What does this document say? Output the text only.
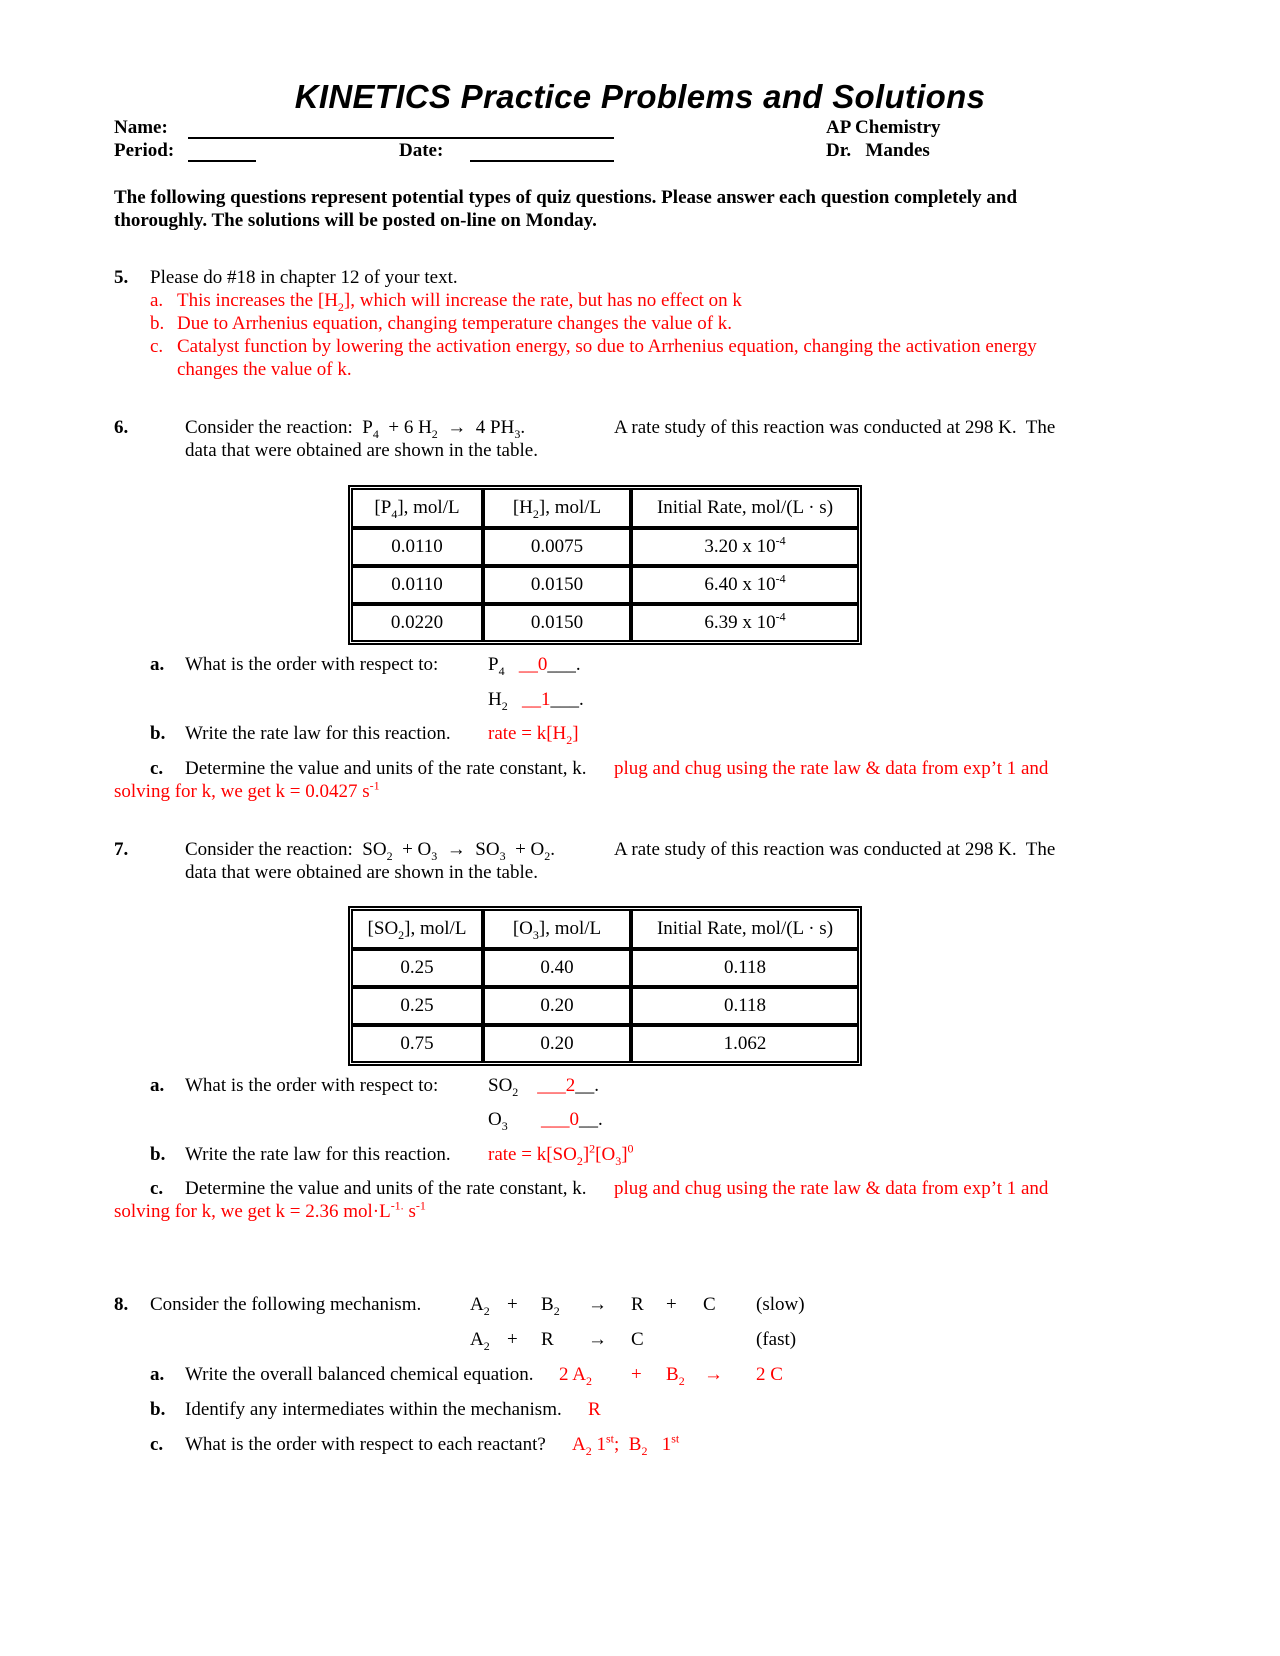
KINETICS Practice Problems and Solutions
Name:
Period:	Date:
AP Chemistry
Dr.   Mandes
The following questions represent potential types of quiz questions. Please answer each question completely and thoroughly. The solutions will be posted on-line on Monday.
5. Please do #18 in chapter 12 of your text.
a. This increases the $[H_2]$, which will increase the rate, but has no effect on k
b. Due to Arrhenius equation, changing temperature changes the value of k.
c. Catalyst function by lowering the activation energy, so due to Arrhenius equation, changing the activation energy
changes the value of k.
6.	Consider the reaction: $P_4 + 6$ $H_2 \to 4$ $PH_3$.	A rate study of this reaction was conducted at 298 K.  The
data that were obtained are shown in the table.
$[P_4]$, mol/L	$[H_2]$, mol/L	Initial Rate, mol/(L · s)
0.0110	0.0075	3.20 x $10^{-4}$
0.0110	0.0150	6.40 x $10^{-4}$
0.0220	0.0150	6.39 x $10^{-4}$
a. What is the order with respect to:	$P_4$ __0___.
$H_2$ __1___.
b. Write the rate law for this reaction. rate = $k[H_2]$
c. Determine the value and units of the rate constant, k. plug and chug using the rate law & data from exp’t 1 and
solving for k, we get k = 0.0427 $s^{-1}$
7.	Consider the reaction: $SO_2 + O_3 \to SO_3 + O_2$.	A rate study of this reaction was conducted at 298 K.  The
data that were obtained are shown in the table.
$[SO_2]$, mol/L	$[O_3]$, mol/L	Initial Rate, mol/(L · s)
0.25	0.40	0.118
0.25	0.20	0.118
0.75	0.20	1.062
a. What is the order with respect to:	$SO_2$ ___2__.
$O_3$ ___0__.
b. Write the rate law for this reaction. rate = $k[SO_2]^2[O_3]^0$
c. Determine the value and units of the rate constant, k. plug and chug using the rate law & data from exp’t 1 and
solving for k, we get k = 2.36 $mol\cdot L^{-1.}$ $s^{-1}$
8. Consider the following mechanism.	$A_2 + B_2 \to R + C$ (slow)
$A_2 + R \to C$	(fast)
a. Write the overall balanced chemical equation. 2 $A_2 + B_2 \to 2$ C
b. Identify any intermediates within the mechanism. R
c. What is the order with respect to each reactant? $A_2$ 1st;  $B_2$   1st
